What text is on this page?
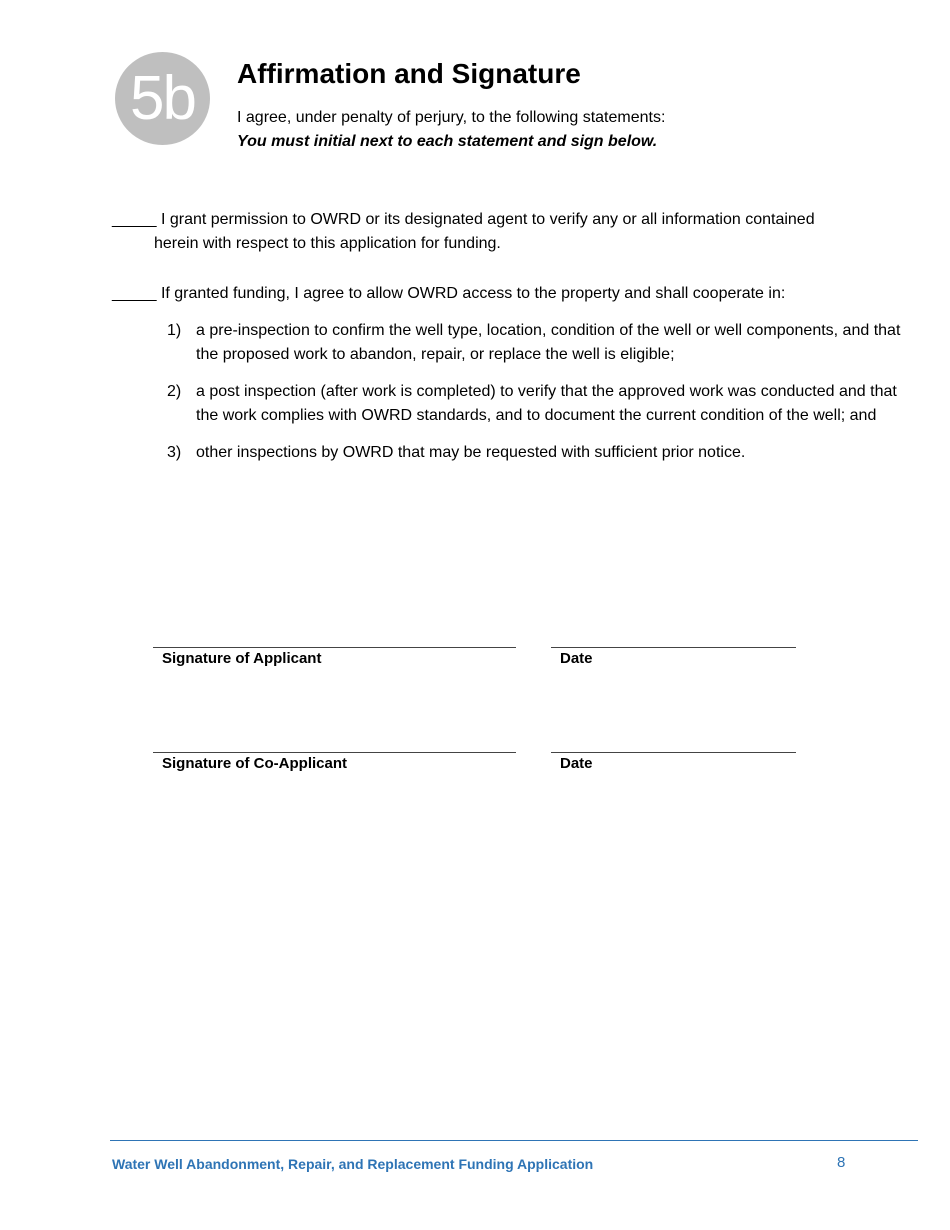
5b	Affirmation and Signature
I agree, under penalty of perjury, to the following statements:
You must initial next to each statement and sign below.
_____ I grant permission to OWRD or its designated agent to verify any or all information contained
herein with respect to this application for funding.
_____ If granted funding, I agree to allow OWRD access to the property and shall cooperate in:
1) a pre-inspection to confirm the well type, location, condition of the well or well components, and that the proposed work to abandon, repair, or replace the well is eligible;
2) a post inspection (after work is completed) to verify that the approved work was conducted and that the work complies with OWRD standards, and to document the current condition of the well; and
3) other inspections by OWRD that may be requested with sufficient prior notice.
Signature of Applicant	Date
Signature of Co-Applicant	Date
Water Well Abandonment, Repair, and Replacement Funding Application	8
